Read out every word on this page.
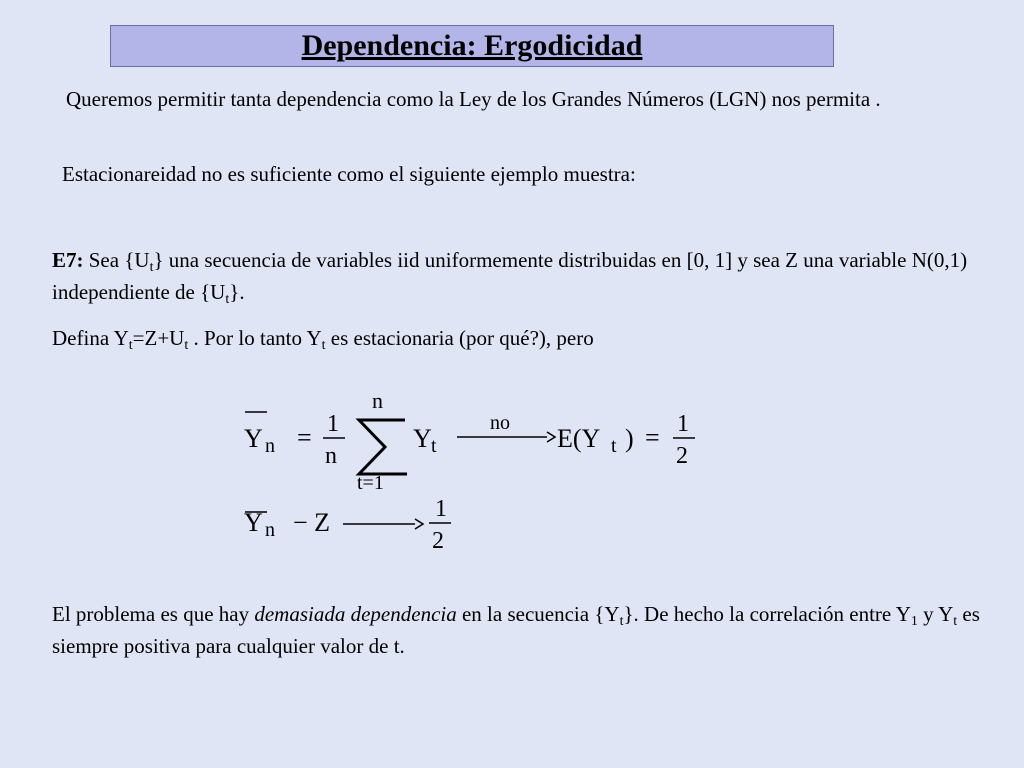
Dependencia: Ergodicidad
Queremos permitir tanta dependencia como la Ley de los Grandes Números (LGN) nos permita .
Estacionareidad no es suficiente como el siguiente ejemplo muestra:
E7: Sea $\{U_t\}$ una secuencia de variables iid uniformemente distribuidas en [0, 1] y sea Z una variable N(0,1) independiente de $\{U_t\}$.
Defina $Y_t=Z+U_t$ . Por lo tanto $Y_t$ es estacionaria (por qué?), pero
Y n = 1
n
n
t=1
Y t
no
E(Y t ) = 1
2
Y n − Z	1
2
El problema es que hay demasiada dependencia en la secuencia $\{Y_t\}$. De hecho la correlación entre $Y_1$ y $Y_t$ es siempre positiva para cualquier valor de t.
